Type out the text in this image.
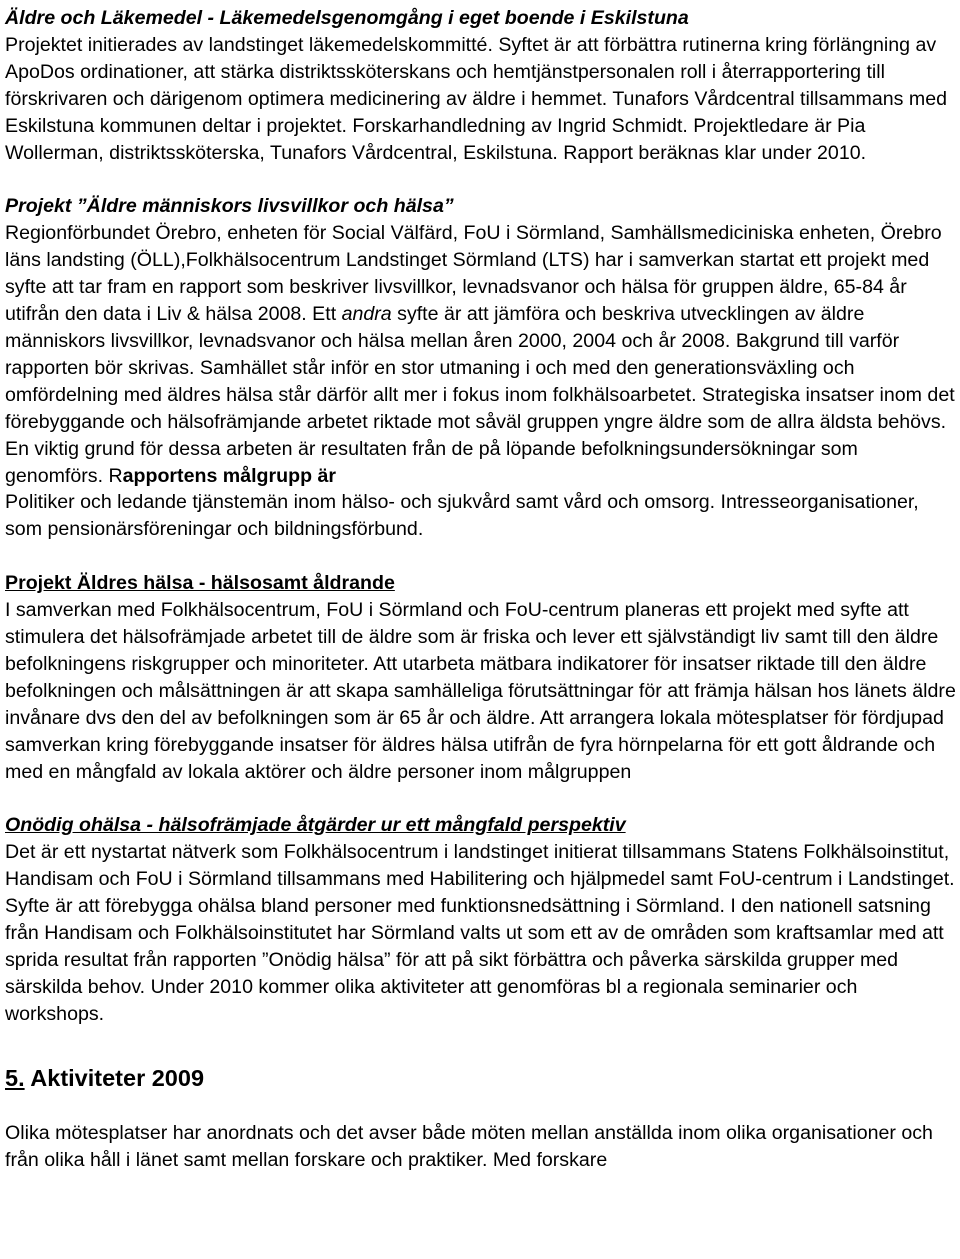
Äldre och Läkemedel - Läkemedelsgenomgång i eget boende i Eskilstuna
Projektet initierades av landstinget läkemedelskommitté. Syftet är att förbättra rutinerna kring förlängning av ApoDos ordinationer, att stärka distriktssköterskans och hemtjänstpersonalen roll i återrapportering till förskrivaren och därigenom optimera medicinering av äldre i hemmet. Tunafors Vårdcentral tillsammans med Eskilstuna kommunen deltar i projektet. Forskarhandledning av Ingrid Schmidt. Projektledare är Pia Wollerman, distriktssköterska, Tunafors Vårdcentral, Eskilstuna. Rapport beräknas klar under 2010.

Projekt ”Äldre människors livsvillkor och hälsa”
Regionförbundet Örebro, enheten för Social Välfärd, FoU i Sörmland, Samhällsmediciniska enheten, Örebro läns landsting (ÖLL),Folkhälsocentrum Landstinget Sörmland (LTS) har i samverkan startat ett projekt med syfte att tar fram en rapport som beskriver livsvillkor, levnadsvanor och hälsa för gruppen äldre, 65-84 år utifrån den data i Liv & hälsa 2008. Ett andra syfte är att jämföra och beskriva utvecklingen av äldre människors livsvillkor, levnadsvanor och hälsa mellan åren 2000, 2004 och år 2008. Bakgrund till varför rapporten bör skrivas. Samhället står inför en stor utmaning i och med den generationsväxling och omfördelning med äldres hälsa står därför allt mer i fokus inom folkhälsoarbetet. Strategiska insatser inom det förebyggande och hälsofrämjande arbetet riktade mot såväl gruppen yngre äldre som de allra äldsta behövs. En viktig grund för dessa arbeten är resultaten från de på löpande befolkningsundersökningar som genomförs. Rapportens målgrupp är
Politiker och ledande tjänstemän inom hälso- och sjukvård samt vård och omsorg. Intresseorganisationer, som pensionärsföreningar och bildningsförbund.

Projekt Äldres hälsa - hälsosamt åldrande
I samverkan med Folkhälsocentrum, FoU i Sörmland och FoU-centrum planeras ett projekt med syfte att stimulera det hälsofrämjade arbetet till de äldre som är friska och lever ett självständigt liv samt till den äldre befolkningens riskgrupper och minoriteter. Att utarbeta mätbara indikatorer för insatser riktade till den äldre befolkningen och målsättningen är att skapa samhälleliga förutsättningar för att främja hälsan hos länets äldre invånare dvs den del av befolkningen som är 65 år och äldre. Att arrangera lokala mötesplatser för fördjupad samverkan kring förebyggande insatser för äldres hälsa utifrån de fyra hörnpelarna för ett gott åldrande och med en mångfald av lokala aktörer och äldre personer inom målgruppen

Onödig ohälsa - hälsofrämjade åtgärder ur ett mångfald perspektiv
Det är ett nystartat nätverk som Folkhälsocentrum i landstinget initierat tillsammans Statens Folkhälsoinstitut, Handisam och FoU i Sörmland tillsammans med Habilitering och hjälpmedel samt FoU-centrum i Landstinget. Syfte är att förebygga ohälsa bland personer med funktionsnedsättning i Sörmland. I den nationell satsning från Handisam och Folkhälsoinstitutet har Sörmland valts ut som ett av de områden som kraftsamlar med att sprida resultat från rapporten ”Onödig hälsa” för att på sikt förbättra och påverka särskilda grupper med särskilda behov. Under 2010 kommer olika aktiviteter att genomföras bl a regionala seminarier och workshops.

5. Aktiviteter 2009

Olika mötesplatser har anordnats och det avser både möten mellan anställda inom olika organisationer och från olika håll i länet samt mellan forskare och praktiker. Med forskare
